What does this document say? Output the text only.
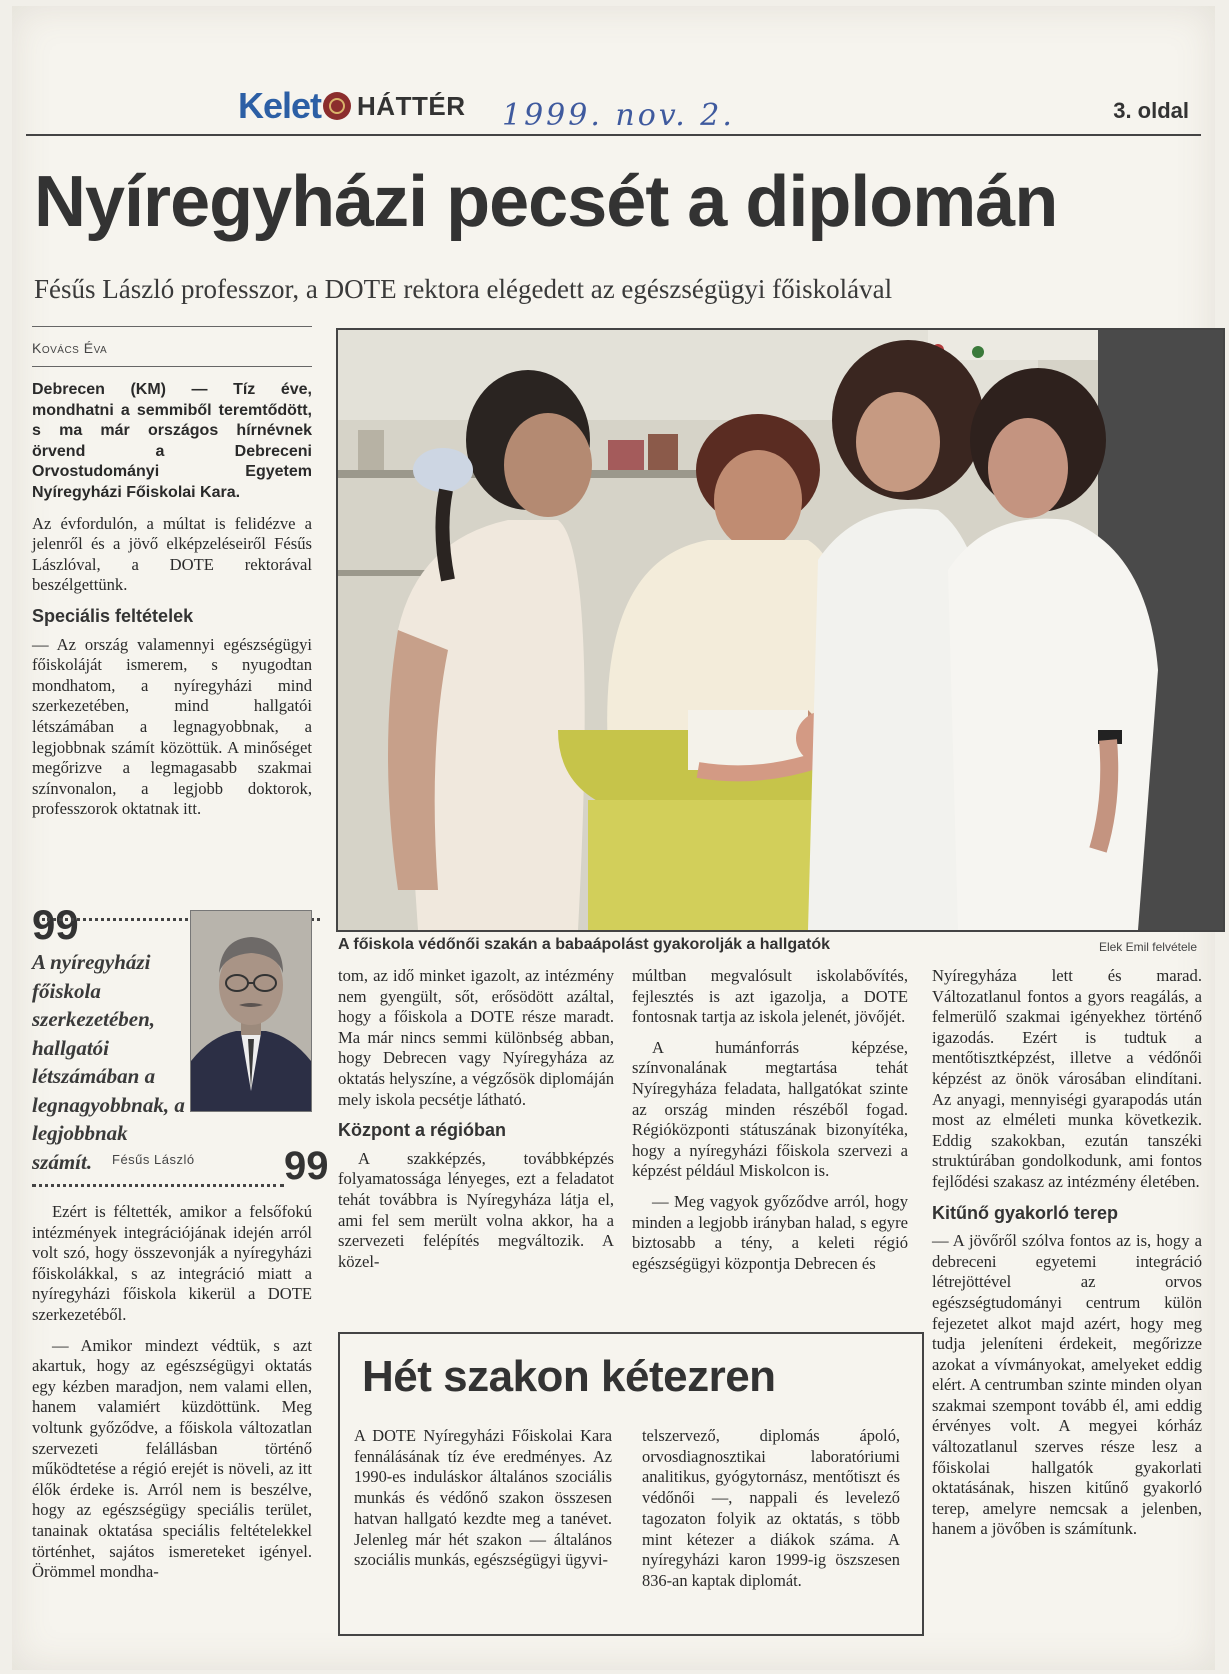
Kelet HÁTTÉR 1999. nov. 2.	3. oldal
Nyíregyházi pecsét a diplomán
Fésűs László professzor, a DOTE rektora elégedett az egészségügyi főiskolával
Kovács Éva

Debrecen (KM) — Tíz éve, mondhatni a semmiből teremtődött, s ma már országos hírnévnek örvend a Debreceni Orvostudományi Egyetem Nyíregyházi Főiskolai Kara.

Az évfordulón, a múltat is felidézve a jelenről és a jövő elképzeléseiről Fésűs Lászlóval, a DOTE rektorával beszélgettünk.

Speciális feltételek

— Az ország valamennyi egészségügyi főiskoláját ismerem, s nyugodtan mondhatom, a nyíregyházi mind szerkezetében, mind hallgatói létszámában a legnagyobbnak, a legjobbnak számít közöttük. A minőséget megőrizve a legmagasabb szakmai színvonalon, a legjobb doktorok, professzorok oktatnak itt.

99
A nyíregyházi főiskola szerkezetében, hallgatói létszámában a legnagyobbnak, a legjobbnak számít.	Fésűs László 99

Ezért is féltették, amikor a felsőfokú intézmények integrációjának idején arról volt szó, hogy összevonják a nyíregyházi főiskolákkal, s az integráció miatt a nyíregyházi főiskola kikerül a DOTE szerkezetéből.

— Amikor mindezt védtük, s azt akartuk, hogy az egészségügyi oktatás egy kézben maradjon, nem valami ellen, hanem valamiért küzdöttünk. Meg voltunk győződve, a főiskola változatlan szervezeti felállásban történő működtetése a régió erejét is növeli, az itt élők érdeke is. Arról nem is beszélve, hogy az egészségügy speciális terület, tanainak oktatása speciális feltételekkel történhet, sajátos ismereteket igényel. Örömmel mondha-

A főiskola védőnői szakán a babaápolást gyakorolják a hallgatók	Elek Emil felvétele

tom, az idő minket igazolt, az intézmény nem gyengült, sőt, erősödött azáltal, hogy a főiskola a DOTE része maradt. Ma már nincs semmi különbség abban, hogy Debrecen vagy Nyíregyháza az oktatás helyszíne, a végzősök diplomáján mely iskola pecsétje látható.

Központ a régióban

A szakképzés, továbbképzés folyamatossága lényeges, ezt a feladatot tehát továbbra is Nyíregyháza látja el, ami fel sem merült volna akkor, ha a szervezeti felépítés megváltozik. A közel-

múltban megvalósult iskolabővítés, fejlesztés is azt igazolja, a DOTE fontosnak tartja az iskola jelenét, jövőjét.

A humánforrás képzése, színvonalának megtartása tehát Nyíregyháza feladata, hallgatókat szinte az ország minden részéből fogad. Régióközponti státuszának bizonyítéka, hogy a nyíregyházi főiskola szervezi a képzést például Miskolcon is.

— Meg vagyok győződve arról, hogy minden a legjobb irányban halad, s egyre biztosabb a tény, a keleti régió egészségügyi központja Debrecen és

Nyíregyháza lett és marad. Változatlanul fontos a gyors reagálás, a felmerülő szakmai igényekhez történő igazodás. Ezért is tudtuk a mentőtisztképzést, illetve a védőnői képzést az önök városában elindítani. Az anyagi, mennyiségi gyarapodás után most az elméleti munka következik. Eddig szakokban, ezután tanszéki struktúrában gondolkodunk, ami fontos fejlődési szakasz az intézmény életében.

Kitűnő gyakorló terep

— A jövőről szólva fontos az is, hogy a debreceni egyetemi integráció létrejöttével az orvos egészségtudományi centrum külön fejezetet alkot majd azért, hogy meg tudja jeleníteni érdekeit, megőrizze azokat a vívmányokat, amelyeket eddig elért. A centrumban szinte minden olyan szakmai szempont tovább él, ami eddig érvényes volt. A megyei kórház változatlanul szerves része lesz a főiskolai hallgatók gyakorlati oktatásának, hiszen kitűnő gyakorló terep, amelyre nemcsak a jelenben, hanem a jövőben is számítunk.

Hét szakon kétezren
A DOTE Nyíregyházi Főiskolai Kara fennálásának tíz éve eredményes. Az 1990-es induláskor általános szociális munkás és védőnő szakon összesen hatvan hallgató kezdte meg a tanévet. Jelenleg már hét szakon — általános szociális munkás, egészségügyi ügyvi-
telszervező, diplomás ápoló, orvosdiagnosztikai laboratóriumi analitikus, gyógytornász, mentőtiszt és védőnői —, nappali és levelező tagozaton folyik az oktatás, s több mint kétezer a diákok száma. A nyíregyházi karon 1999-ig öszszesen 836-an kaptak diplomát.
